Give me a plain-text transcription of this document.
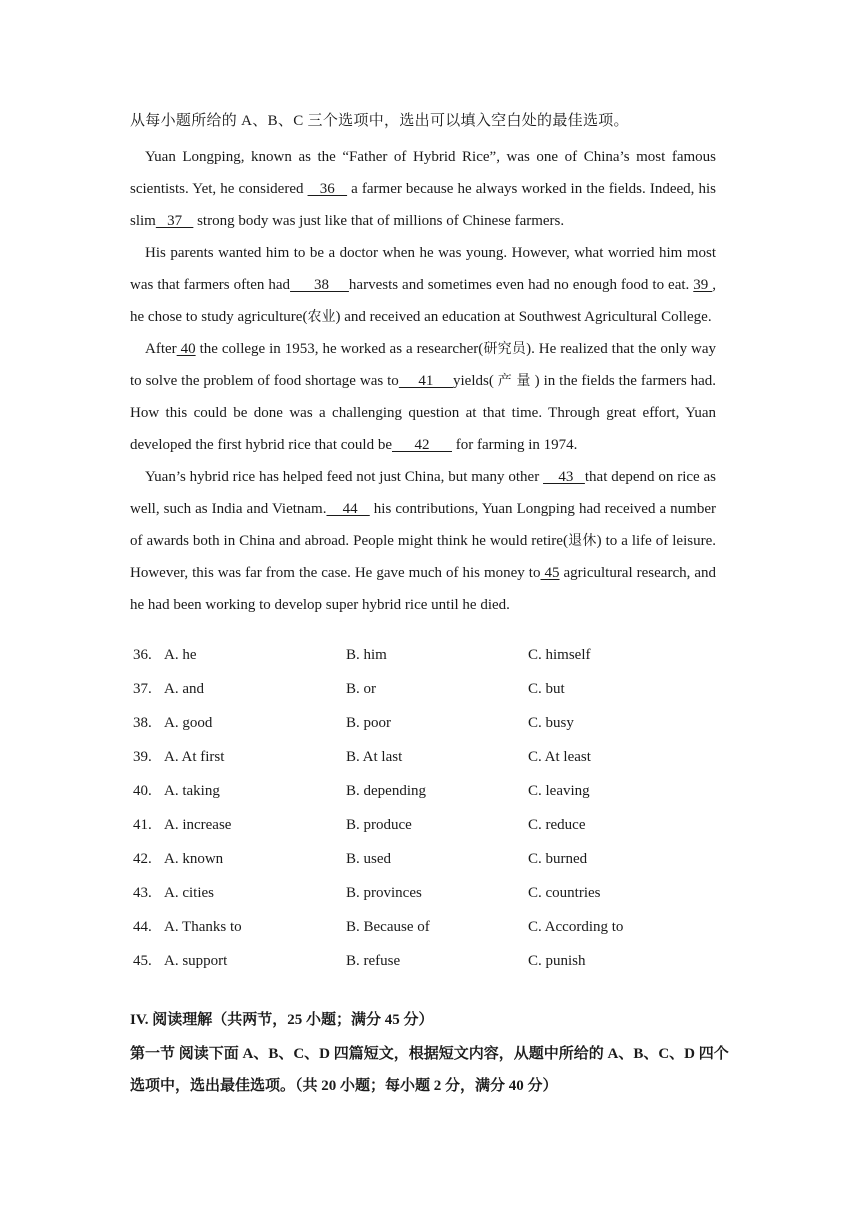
从每小题所给的 A、B、C 三个选项中，选出可以填入空白处的最佳选项。

Yuan Longping, known as the “Father of Hybrid Rice”, was one of China’s most famous scientists. Yet, he considered    36    a farmer because he always worked in the fields. Indeed, his slim   37    strong body was just like that of millions of Chinese farmers.

His parents wanted him to be a doctor when he was young. However, what worried him most was that farmers often had      38     harvests and sometimes even had no enough food to eat. 39 , he chose to study agriculture(农业) and received an education at Southwest Agricultural College.

After 40 the college in 1953, he worked as a researcher(研究员). He realized that the only way to solve the problem of food shortage was to     41     yields( 产 量 ) in the fields the farmers had. How this could be done was a challenging question at that time. Through great effort, Yuan developed the first hybrid rice that could be      42       for farming in 1974.

Yuan’s hybrid rice has helped feed not just China, but many other     43   that depend on rice as well, such as India and Vietnam.    44    his contributions, Yuan Longping had received a number of awards both in China and abroad. People might think he would retire(退休) to a life of leisure. However, this was far from the case. He gave much of his money to 45 agricultural research, and he had been working to develop super hybrid rice until he died.

36. A. he	B. him	C. himself
37. A. and	B. or	C. but
38. A. good	B. poor	C. busy
39. A. At first	B. At last	C. At least
40. A. taking	B. depending	C. leaving
41. A. increase	B. produce	C. reduce
42. A. known	B. used	C. burned
43. A. cities	B. provinces	C. countries
44. A. Thanks to	B. Because of	C. According to
45. A. support	B. refuse	C. punish
IV. 阅读理解（共两节，25 小题；满分 45 分）
第一节 阅读下面 A、B、C、D 四篇短文，根据短文内容，从题中所给的 A、B、C、D 四个选项中，选出最佳选项。（共 20 小题；每小题 2 分，满分 40 分）
